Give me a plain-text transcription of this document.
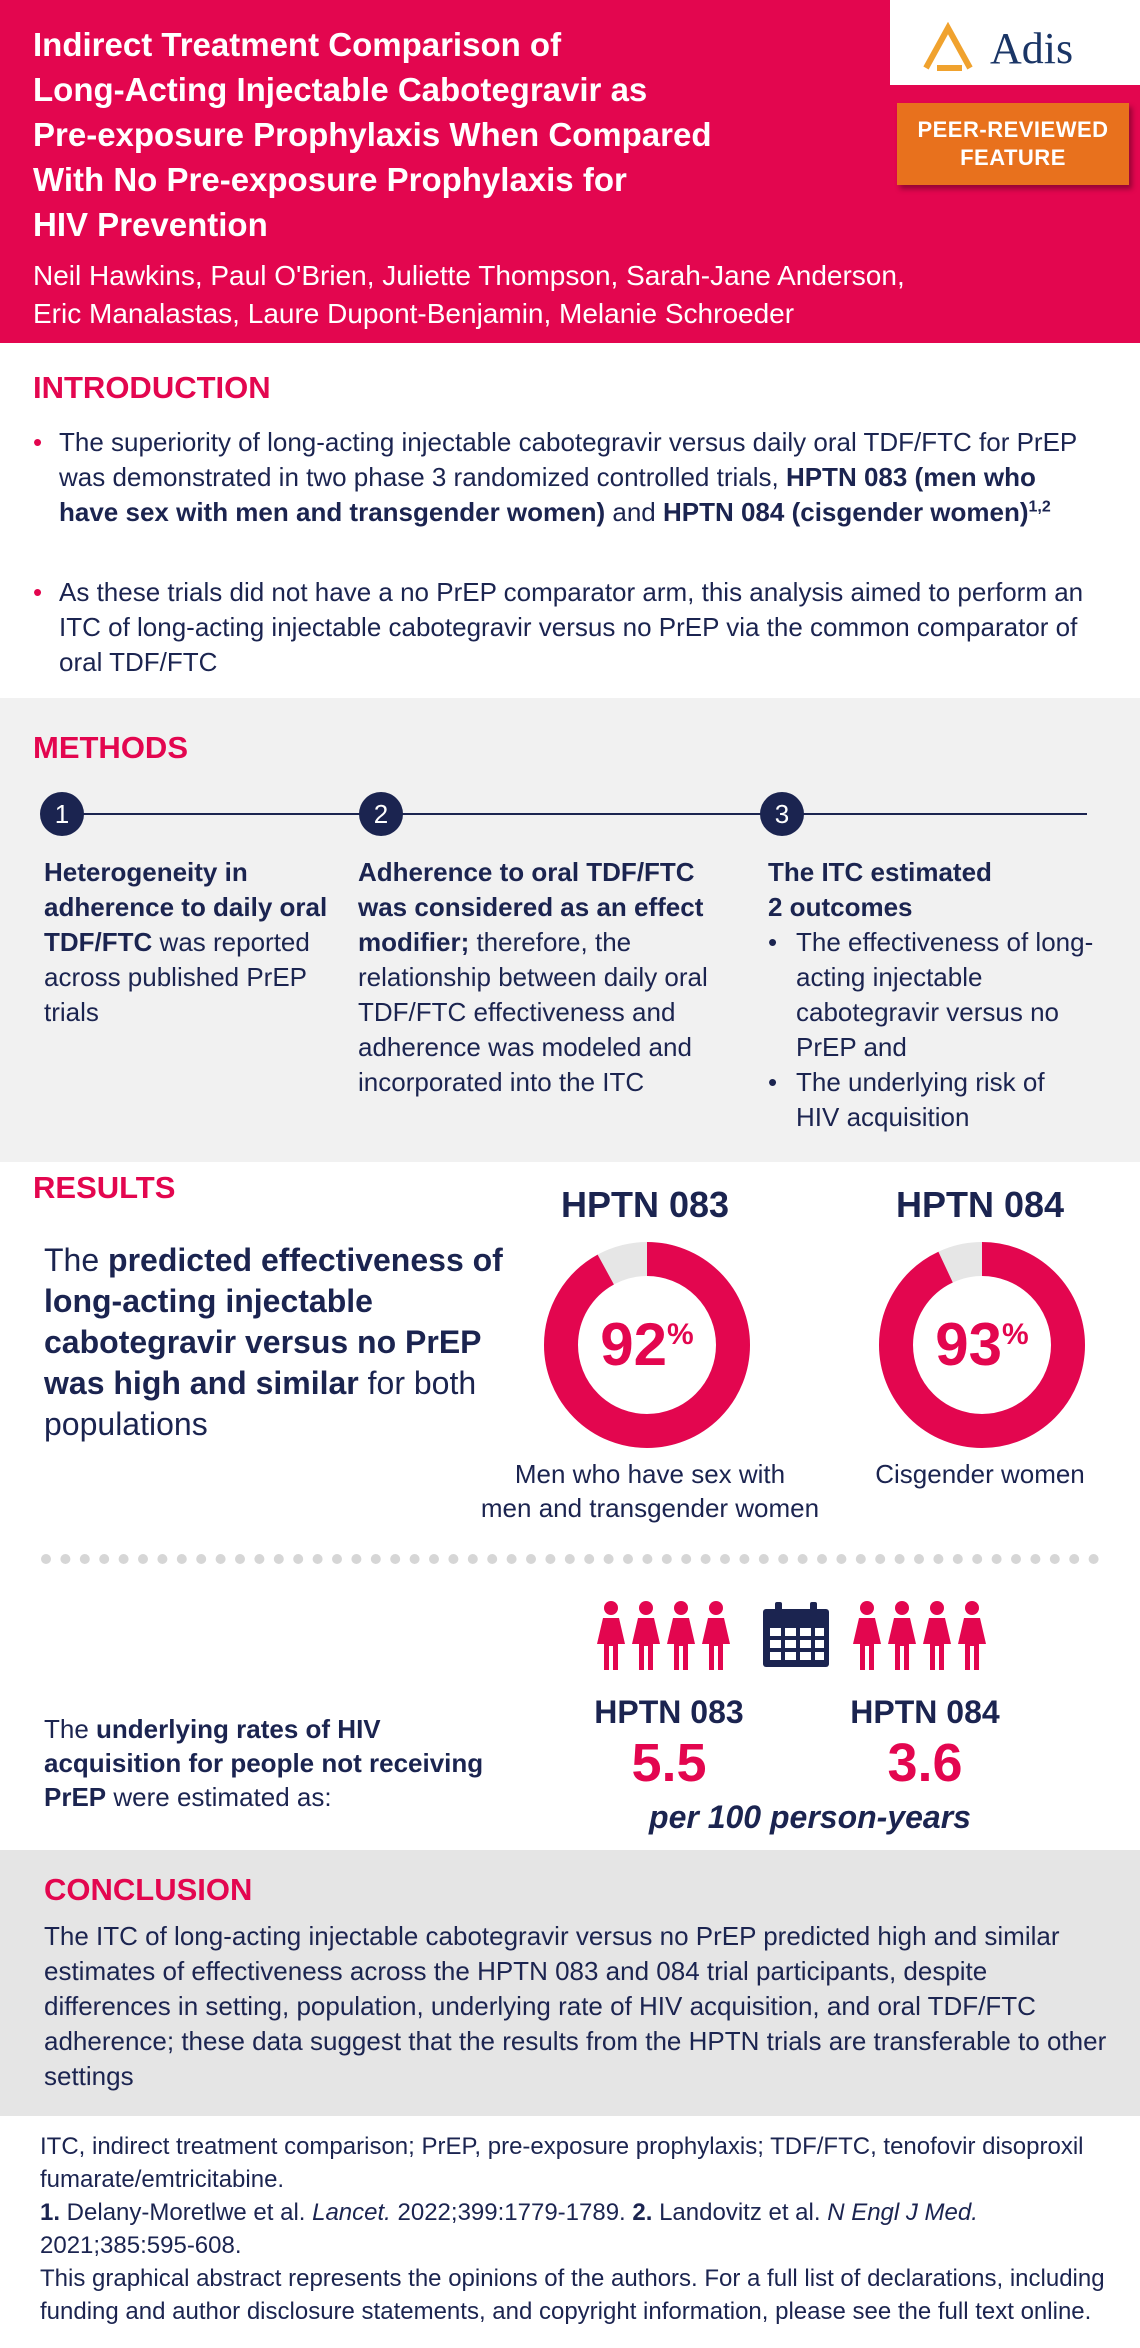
Indirect Treatment Comparison of
Long-Acting Injectable Cabotegravir as
Pre-exposure Prophylaxis When Compared
With No Pre-exposure Prophylaxis for
HIV Prevention
Neil Hawkins, Paul O'Brien, Juliette Thompson, Sarah-Jane Anderson,
Eric Manalastas, Laure Dupont-Benjamin, Melanie Schroeder
Adis
PEER-REVIEWED
FEATURE
INTRODUCTION
• The superiority of long-acting injectable cabotegravir versus daily oral TDF/FTC for PrEP was demonstrated in two phase 3 randomized controlled trials, HPTN 083 (men who have sex with men and transgender women) and HPTN 084 (cisgender women)$^{1,2}$
• As these trials did not have a no PrEP comparator arm, this analysis aimed to perform an ITC of long-acting injectable cabotegravir versus no PrEP via the common comparator of oral TDF/FTC
METHODS
1	2	3
Heterogeneity in adherence to daily oral TDF/FTC was reported across published PrEP trials
Adherence to oral TDF/FTC was considered as an effect modifier; therefore, the relationship between daily oral TDF/FTC effectiveness and adherence was modeled and incorporated into the ITC
The ITC estimated 2 outcomes
• The effectiveness of long-acting injectable cabotegravir versus no PrEP and
• The underlying risk of HIV acquisition
RESULTS
The predicted effectiveness of long-acting injectable cabotegravir versus no PrEP was high and similar for both populations
HPTN 083	HPTN 084
92%	93%
Men who have sex with
men and transgender women
Cisgender women
The underlying rates of HIV acquisition for people not receiving PrEP were estimated as:
HPTN 083	HPTN 084
5.5	3.6
per 100 person-years
CONCLUSION
The ITC of long-acting injectable cabotegravir versus no PrEP predicted high and similar estimates of effectiveness across the HPTN 083 and 084 trial participants, despite differences in setting, population, underlying rate of HIV acquisition, and oral TDF/FTC adherence; these data suggest that the results from the HPTN trials are transferable to other settings

ITC, indirect treatment comparison; PrEP, pre-exposure prophylaxis; TDF/FTC, tenofovir disoproxil fumarate/emtricitabine.

1. Delany-Moretlwe et al. Lancet. 2022;399:1779-1789. 2. Landovitz et al. N Engl J Med. 2021;385:595-608.

This graphical abstract represents the opinions of the authors. For a full list of declarations, including funding and author disclosure statements, and copyright information, please see the full text online.
